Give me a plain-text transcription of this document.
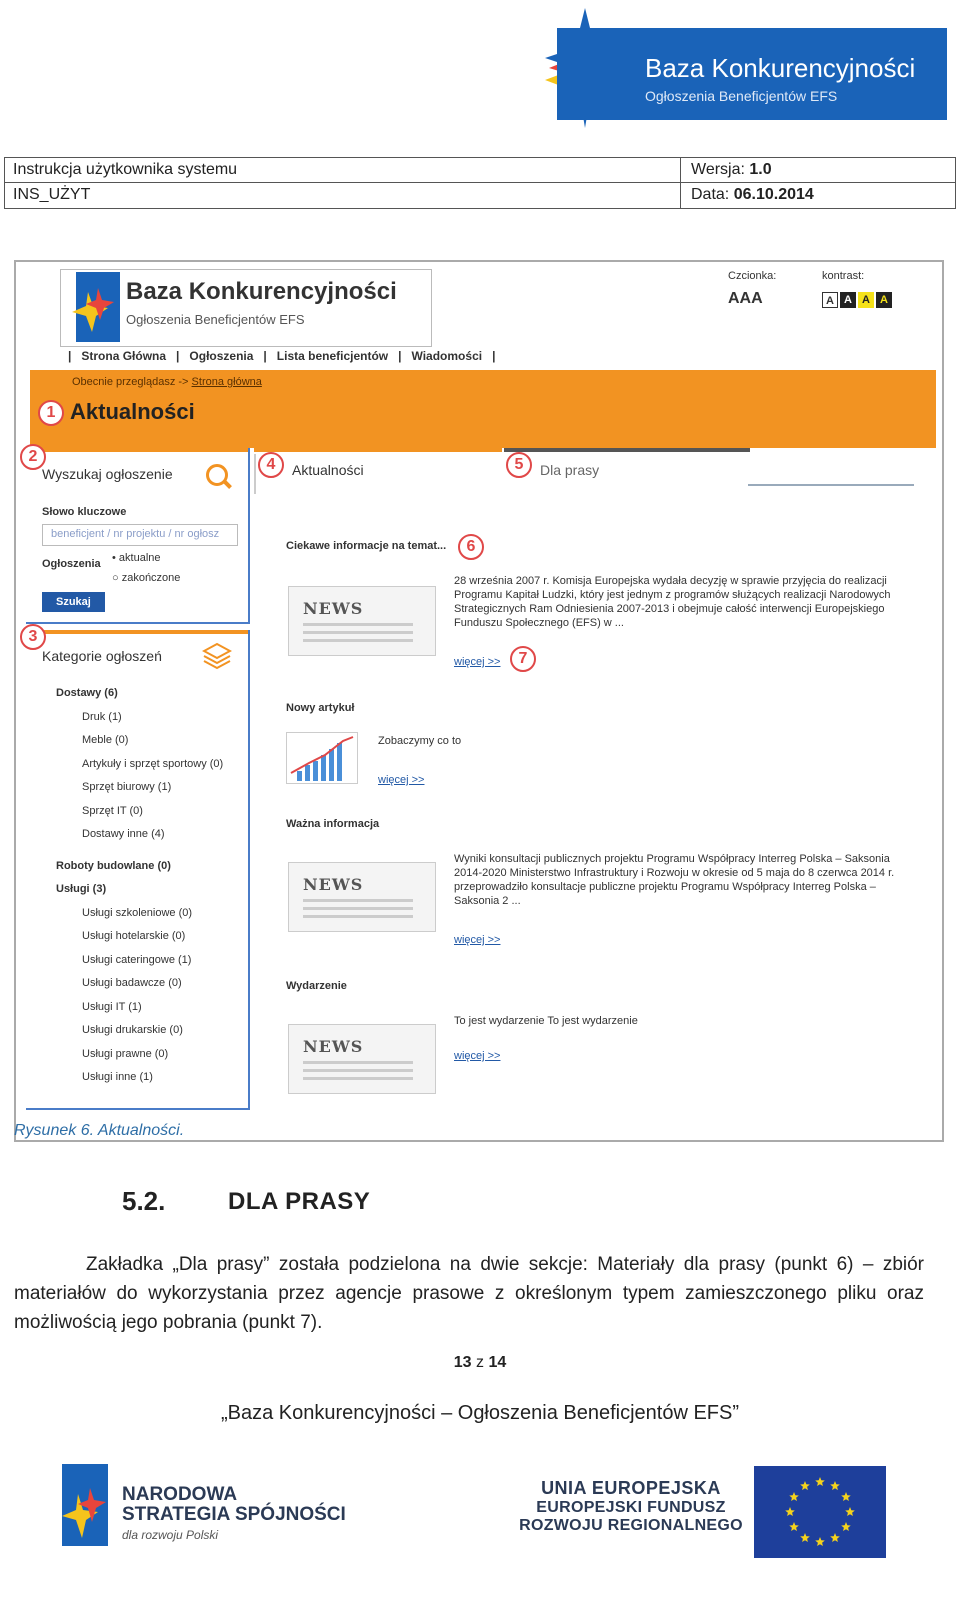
Baza Konkurencyjności
Ogłoszenia Beneficjentów EFS
Instrukcja użytkownika systemu	Wersja: 1.0
INS_UŻYT	Data: 06.10.2014
Baza Konkurencyjności
Ogłoszenia Beneficjentów EFS
Czcionka:
AAA
kontrast:
A A A A
| Strona Główna | Ogłoszenia | Lista beneficjentów | Wiadomości |
Obecnie przeglądasz -> Strona główna
1 Aktualności
2
Wyszukaj ogłoszenie
Słowo kluczowe
beneficjent / nr projektu / nr ogłosz
Ogłoszenia • aktualne
○ zakończone
Szukaj
3
Kategorie ogłoszeń
Dostawy (6)
Druk (1)
Meble (0)
Artykuły i sprzęt sportowy (0)
Sprzęt biurowy (1)
Sprzęt IT (0)
Dostawy inne (4)
Roboty budowlane (0)
Usługi (3)
Usługi szkoleniowe (0)
Usługi hotelarskie (0)
Usługi cateringowe (1)
Usługi badawcze (0)
Usługi IT (1)
Usługi drukarskie (0)
Usługi prawne (0)
Usługi inne (1)
4	Aktualności	5	Dla prasy
Ciekawe informacje na temat...	6
NEWS
28 września 2007 r. Komisja Europejska wydała decyzję w sprawie przyjęcia do realizacji Programu Kapitał Ludzki, który jest jednym z programów służących realizacji Narodowych Strategicznych Ram Odniesienia 2007-2013 i obejmuje całość interwencji Europejskiego Funduszu Społecznego (EFS) w ...
więcej >>	7
Nowy artykuł
Zobaczymy co to
więcej >>
Ważna informacja
NEWS
Wyniki konsultacji publicznych projektu Programu Współpracy Interreg Polska – Saksonia 2014-2020 Ministerstwo Infrastruktury i Rozwoju w okresie od 5 maja do 8 czerwca 2014 r. przeprowadziło konsultacje publiczne projektu Programu Współpracy Interreg Polska – Saksonia 2 ...
więcej >>
Wydarzenie
NEWS
To jest wydarzenie To jest wydarzenie
więcej >>
Rysunek 6. Aktualności.
5.2.	DLA PRASY

Zakładka „Dla prasy” została podzielona na dwie sekcje: Materiały dla prasy (punkt 6) – zbiór materiałów do wykorzystania przez agencje prasowe z określonym typem zamieszczonego pliku oraz możliwością jego pobrania (punkt 7).

13 z 14
„Baza Konkurencyjności – Ogłoszenia Beneficjentów EFS”
NARODOWA
STRATEGIA SPÓJNOŚCI
dla rozwoju Polski
UNIA EUROPEJSKA
EUROPEJSKI FUNDUSZ
ROZWOJU REGIONALNEGO
